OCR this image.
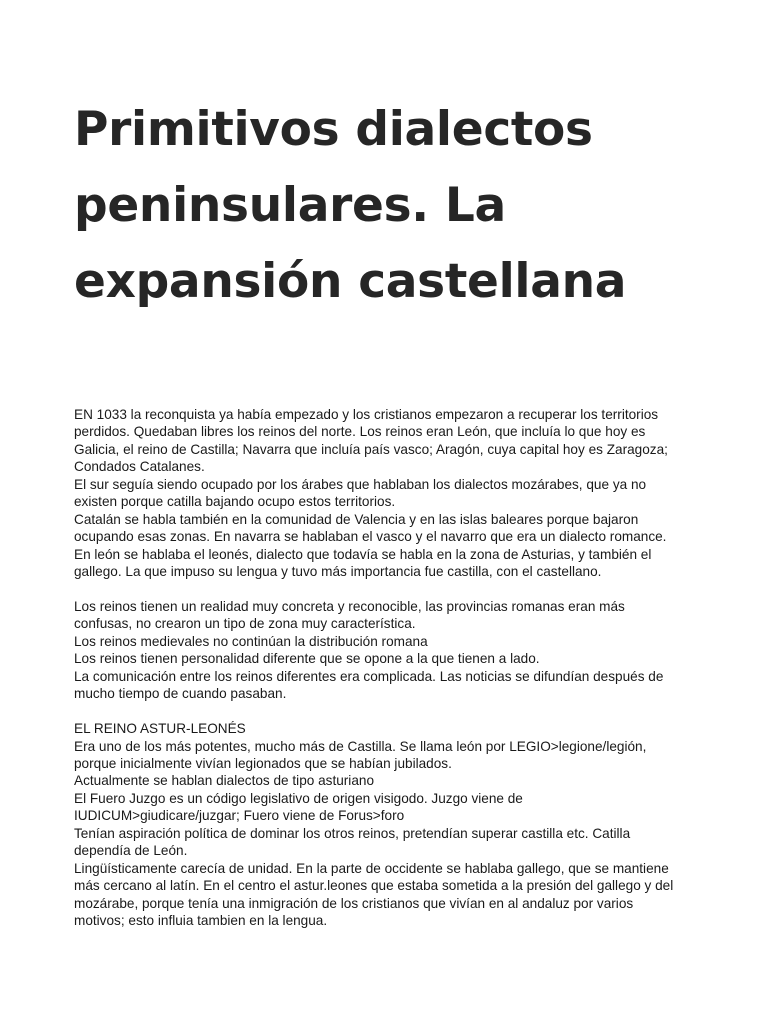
Primitivos dialectos peninsulares. La expansión castellana

EN 1033 la reconquista ya había empezado y los cristianos empezaron a recuperar los territorios
perdidos. Quedaban libres los reinos del norte. Los reinos eran León, que incluía lo que hoy es
Galicia, el reino de Castilla; Navarra que incluía país vasco; Aragón, cuya capital hoy es Zaragoza;
Condados Catalanes.
El sur seguía siendo ocupado por los árabes que hablaban los dialectos mozárabes, que ya no
existen porque catilla bajando ocupo estos territorios.
Catalán se habla también en la comunidad de Valencia y en las islas baleares porque bajaron
ocupando esas zonas. En navarra se hablaban el vasco y el navarro que era un dialecto romance.
En león se hablaba el leonés, dialecto que todavía se habla en la zona de Asturias, y también el
gallego. La que impuso su lengua y tuvo más importancia fue castilla, con el castellano.

Los reinos tienen un realidad muy concreta y reconocible, las provincias romanas eran más
confusas, no crearon un tipo de zona muy característica.
Los reinos medievales no continúan la distribución romana
Los reinos tienen personalidad diferente que se opone a la que tienen a lado.
La comunicación entre los reinos diferentes era complicada. Las noticias se difundían después de
mucho tiempo de cuando pasaban.

EL REINO ASTUR-LEONÉS
Era uno de los más potentes, mucho más de Castilla. Se llama león por LEGIO>legione/legión,
porque inicialmente vivían legionados que se habían jubilados.
Actualmente se hablan dialectos de tipo asturiano
El Fuero Juzgo es un código legislativo de origen visigodo. Juzgo viene de
IUDICUM>giudicare/juzgar; Fuero viene de Forus>foro
Tenían aspiración política de dominar los otros reinos, pretendían superar castilla etc. Catilla
dependía de León.
Lingüísticamente carecía de unidad. En la parte de occidente se hablaba gallego, que se mantiene
más cercano al latín. En el centro el astur.leones que estaba sometida a la presión del gallego y del
mozárabe, porque tenía una inmigración de los cristianos que vivían en al andaluz por varios
motivos; esto influia tambien en la lengua.
